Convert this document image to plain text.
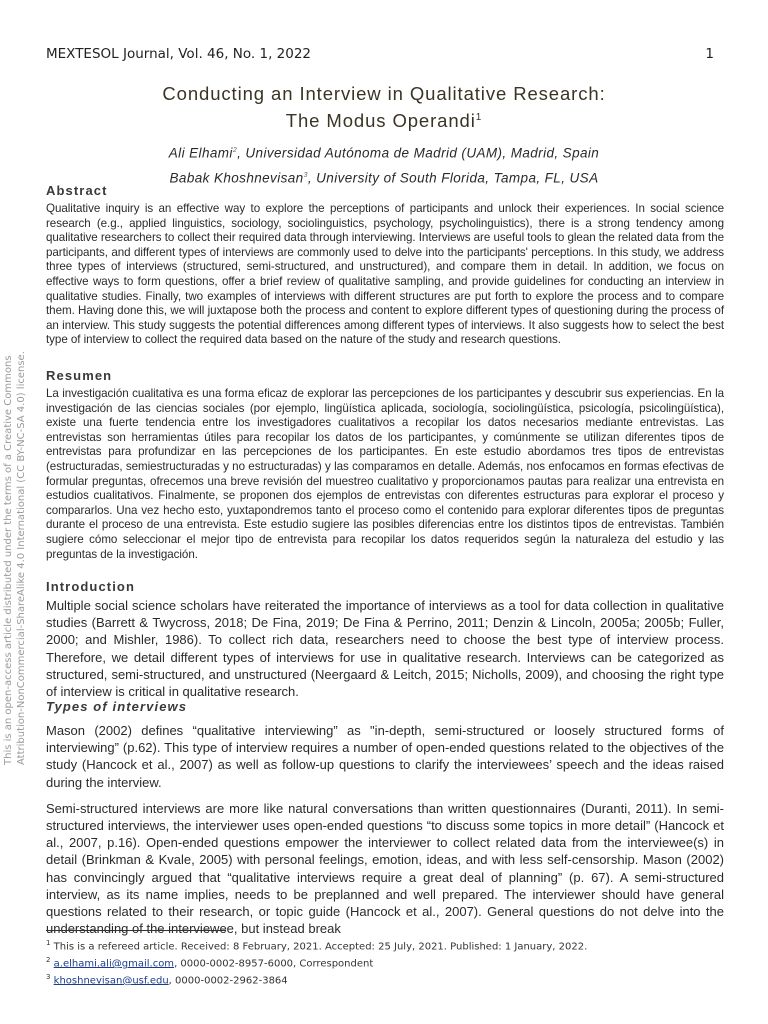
MEXTESOL Journal, Vol. 46, No. 1, 2022	1
Conducting an Interview in Qualitative Research:
The Modus Operandi$^1$
Ali Elhami$^2$, Universidad Autónoma de Madrid (UAM), Madrid, Spain
Babak Khoshnevisan$^3$, University of South Florida, Tampa, FL, USA
Abstract

Qualitative inquiry is an effective way to explore the perceptions of participants and unlock their experiences. In social science research (e.g., applied linguistics, sociology, sociolinguistics, psychology, psycholinguistics), there is a strong tendency among qualitative researchers to collect their required data through interviewing. Interviews are useful tools to glean the related data from the participants, and different types of interviews are commonly used to delve into the participants' perceptions. In this study, we address three types of interviews (structured, semi-structured, and unstructured), and compare them in detail. In addition, we focus on effective ways to form questions, offer a brief review of qualitative sampling, and provide guidelines for conducting an interview in qualitative studies. Finally, two examples of interviews with different structures are put forth to explore the process and to compare them. Having done this, we will juxtapose both the process and content to explore different types of questioning during the process of an interview. This study suggests the potential differences among different types of interviews. It also suggests how to select the best type of interview to collect the required data based on the nature of the study and research questions.

Resumen

La investigación cualitativa es una forma eficaz de explorar las percepciones de los participantes y descubrir sus experiencias. En la investigación de las ciencias sociales (por ejemplo, lingüística aplicada, sociología, sociolingüística, psicología, psicolingüística), existe una fuerte tendencia entre los investigadores cualitativos a recopilar los datos necesarios mediante entrevistas. Las entrevistas son herramientas útiles para recopilar los datos de los participantes, y comúnmente se utilizan diferentes tipos de entrevistas para profundizar en las percepciones de los participantes. En este estudio abordamos tres tipos de entrevistas (estructuradas, semiestructuradas y no estructuradas) y las comparamos en detalle. Además, nos enfocamos en formas efectivas de formular preguntas, ofrecemos una breve revisión del muestreo cualitativo y proporcionamos pautas para realizar una entrevista en estudios cualitativos. Finalmente, se proponen dos ejemplos de entrevistas con diferentes estructuras para explorar el proceso y compararlos. Una vez hecho esto, yuxtapondremos tanto el proceso como el contenido para explorar diferentes tipos de preguntas durante el proceso de una entrevista. Este estudio sugiere las posibles diferencias entre los distintos tipos de entrevistas. También sugiere cómo seleccionar el mejor tipo de entrevista para recopilar los datos requeridos según la naturaleza del estudio y las preguntas de la investigación.

Introduction

Multiple social science scholars have reiterated the importance of interviews as a tool for data collection in qualitative studies (Barrett & Twycross, 2018; De Fina, 2019; De Fina & Perrino, 2011; Denzin & Lincoln, 2005a; 2005b; Fuller, 2000; and Mishler, 1986). To collect rich data, researchers need to choose the best type of interview process. Therefore, we detail different types of interviews for use in qualitative research. Interviews can be categorized as structured, semi-structured, and unstructured (Neergaard & Leitch, 2015; Nicholls, 2009), and choosing the right type of interview is critical in qualitative research.

Types of interviews

Mason (2002) defines “qualitative interviewing” as "in-depth, semi-structured or loosely structured forms of interviewing” (p.62). This type of interview requires a number of open-ended questions related to the objectives of the study (Hancock et al., 2007) as well as follow-up questions to clarify the interviewees’ speech and the ideas raised during the interview.

Semi-structured interviews are more like natural conversations than written questionnaires (Duranti, 2011). In semi-structured interviews, the interviewer uses open-ended questions “to discuss some topics in more detail” (Hancock et al., 2007, p.16). Open-ended questions empower the interviewer to collect related data from the interviewee(s) in detail (Brinkman & Kvale, 2005) with personal feelings, emotion, ideas, and with less self-censorship. Mason (2002) has convincingly argued that “qualitative interviews require a great deal of planning” (p. 67). A semi-structured interview, as its name implies, needs to be preplanned and well prepared. The interviewer should have general questions related to their research, or topic guide (Hancock et al., 2007). General questions do not delve into the understanding of the interviewee, but instead break

$^1$ This is a refereed article. Received: 8 February, 2021. Accepted: 25 July, 2021. Published: 1 January, 2022.
$^2$ a.elhami.ali@gmail.com, 0000-0002-8957-6000, Correspondent
$^3$ khoshnevisan@usf.edu, 0000-0002-2962-3864
This is an open-access article distributed under the terms of a Creative Commons Attribution-NonCommercial-ShareAlike 4.0 International (CC BY-NC-SA 4.0) license.
